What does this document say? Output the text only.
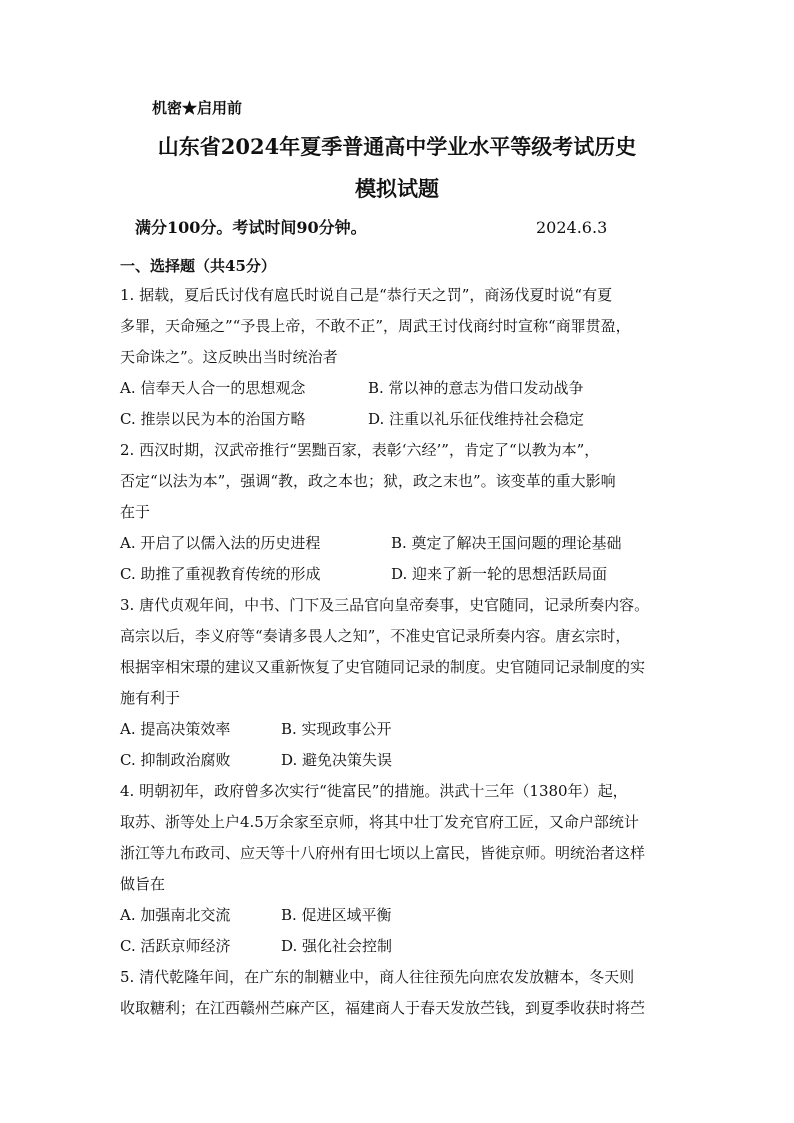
机密★启用前
山东省2024年夏季普通高中学业水平等级考试历史
模拟试题
满分100分。考试时间90分钟。	2024.6.3
一、选择题（共45分）
1. 据载，夏后氏讨伐有扈氏时说自己是“恭行天之罚”，商汤伐夏时说“有夏
多罪，天命殛之”“予畏上帝，不敢不正”，周武王讨伐商纣时宣称“商罪贯盈，
天命诛之”。这反映出当时统治者
A. 信奉天人合一的思想观念	B. 常以神的意志为借口发动战争
C. 推崇以民为本的治国方略	D. 注重以礼乐征伐维持社会稳定
2. 西汉时期，汉武帝推行“罢黜百家，表彰‘六经’”，肯定了“以教为本”，
否定“以法为本”，强调“教，政之本也；狱，政之末也”。该变革的重大影响
在于
A. 开启了以儒入法的历史进程	B. 奠定了解决王国问题的理论基础
C. 助推了重视教育传统的形成	D. 迎来了新一轮的思想活跃局面
3. 唐代贞观年间，中书、门下及三品官向皇帝奏事，史官随同，记录所奏内容。
高宗以后，李义府等“奏请多畏人之知”，不准史官记录所奏内容。唐玄宗时，
根据宰相宋璟的建议又重新恢复了史官随同记录的制度。史官随同记录制度的实
施有利于
A. 提高决策效率	B. 实现政事公开
C. 抑制政治腐败	D. 避免决策失误
4. 明朝初年，政府曾多次实行“徙富民”的措施。洪武十三年（1380年）起，
取苏、浙等处上户4.5万余家至京师，将其中壮丁发充官府工匠，又命户部统计
浙江等九布政司、应天等十八府州有田七顷以上富民，皆徙京师。明统治者这样
做旨在
A. 加强南北交流	B. 促进区域平衡
C. 活跃京师经济	D. 强化社会控制
5. 清代乾隆年间，在广东的制糖业中，商人往往预先向庶农发放糖本，冬天则
收取糖利；在江西赣州苎麻产区，福建商人于春天发放苎钱，到夏季收获时将苎
